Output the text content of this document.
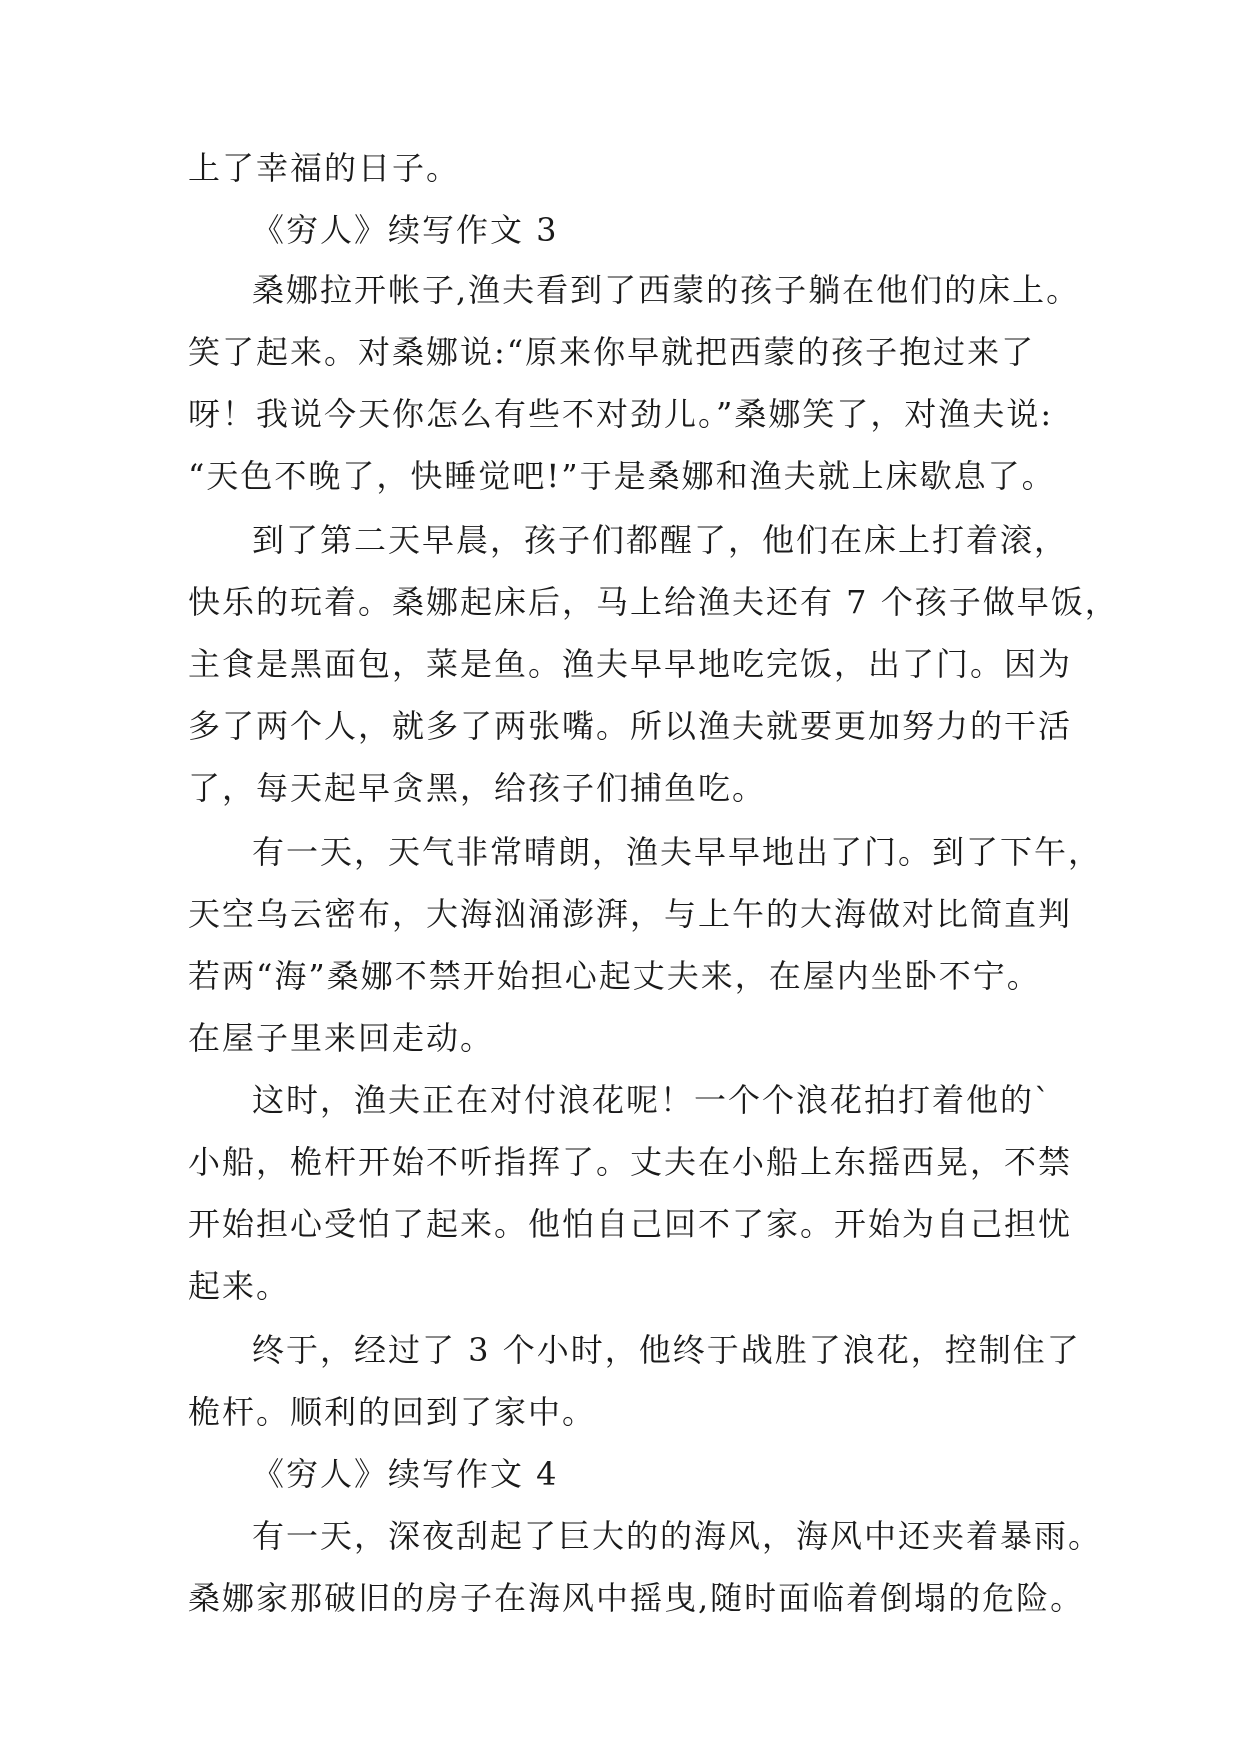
上了幸福的日子。
《穷人》续写作文 3
桑娜拉开帐子,渔夫看到了西蒙的孩子躺在他们的床上。
笑了起来。对桑娜说:“原来你早就把西蒙的孩子抱过来了
呀！我说今天你怎么有些不对劲儿。”桑娜笑了，对渔夫说:
“天色不晚了，快睡觉吧!”于是桑娜和渔夫就上床歇息了。
到了第二天早晨，孩子们都醒了，他们在床上打着滚，
快乐的玩着。桑娜起床后，马上给渔夫还有 7 个孩子做早饭，
主食是黑面包，菜是鱼。渔夫早早地吃完饭，出了门。因为
多了两个人，就多了两张嘴。所以渔夫就要更加努力的干活
了，每天起早贪黑，给孩子们捕鱼吃。
有一天，天气非常晴朗，渔夫早早地出了门。到了下午，
天空乌云密布，大海汹涌澎湃，与上午的大海做对比简直判
若两“海”桑娜不禁开始担心起丈夫来，在屋内坐卧不宁。
在屋子里来回走动。
这时，渔夫正在对付浪花呢！一个个浪花拍打着他的`
小船，桅杆开始不听指挥了。丈夫在小船上东摇西晃，不禁
开始担心受怕了起来。他怕自己回不了家。开始为自己担忧
起来。
终于，经过了 3 个小时，他终于战胜了浪花，控制住了
桅杆。顺利的回到了家中。
《穷人》续写作文 4
有一天，深夜刮起了巨大的的海风，海风中还夹着暴雨。
桑娜家那破旧的房子在海风中摇曳,随时面临着倒塌的危险。
